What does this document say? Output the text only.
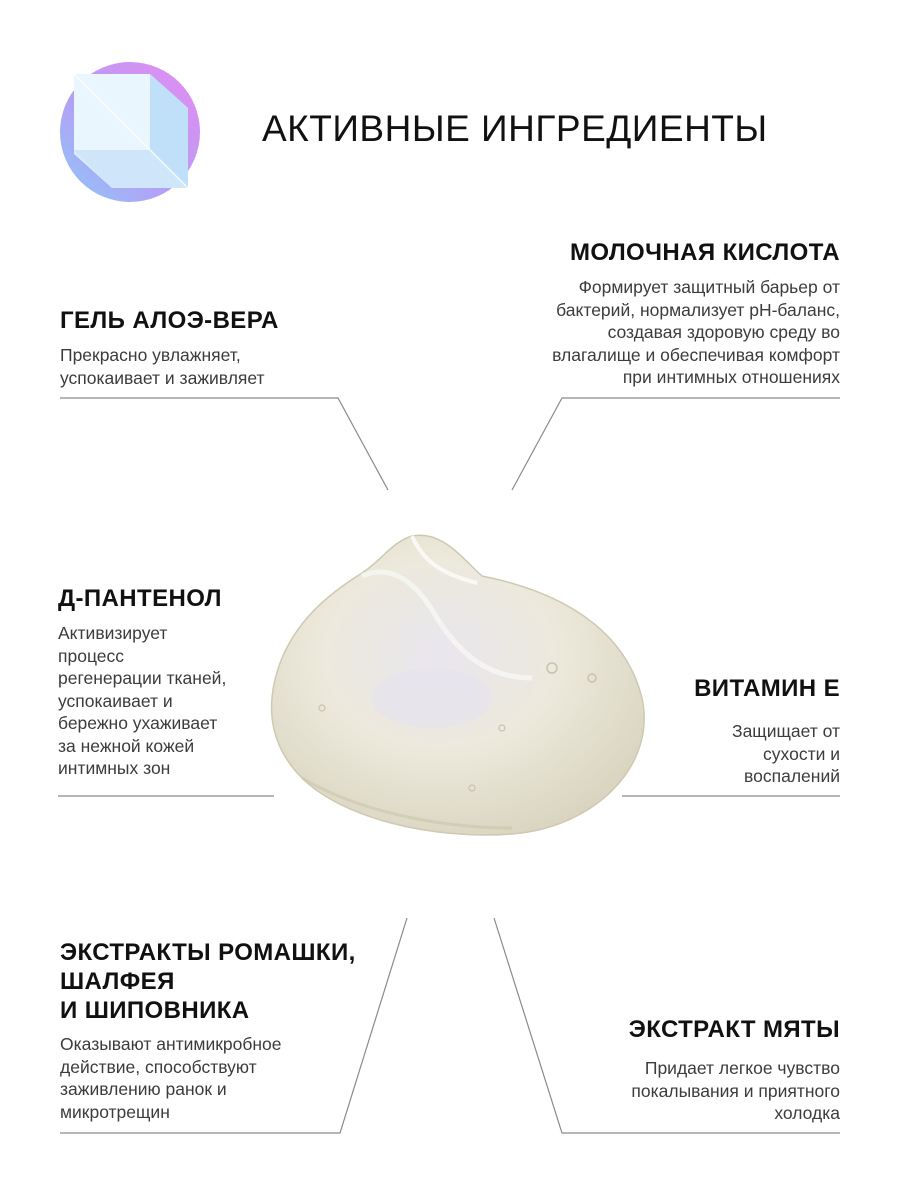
АКТИВНЫЕ ИНГРЕДИЕНТЫ
ГЕЛЬ АЛОЭ-ВЕРА
Прекрасно увлажняет,
успокаивает и заживляет
МОЛОЧНАЯ КИСЛОТА
Формирует защитный барьер от
бактерий, нормализует pH-баланс,
создавая здоровую среду во
влагалище и обеспечивая комфорт
при интимных отношениях
Д-ПАНТЕНОЛ
Активизирует
процесс
регенерации тканей,
успокаивает и
бережно ухаживает
за нежной кожей
интимных зон
ВИТАМИН Е
Защищает от
сухости и
воспалений
ЭКСТРАКТЫ РОМАШКИ,
ШАЛФЕЯ
И ШИПОВНИКА
Оказывают антимикробное
действие, способствуют
заживлению ранок и
микротрещин
ЭКСТРАКТ МЯТЫ
Придает легкое чувство
покалывания и приятного
холодка
